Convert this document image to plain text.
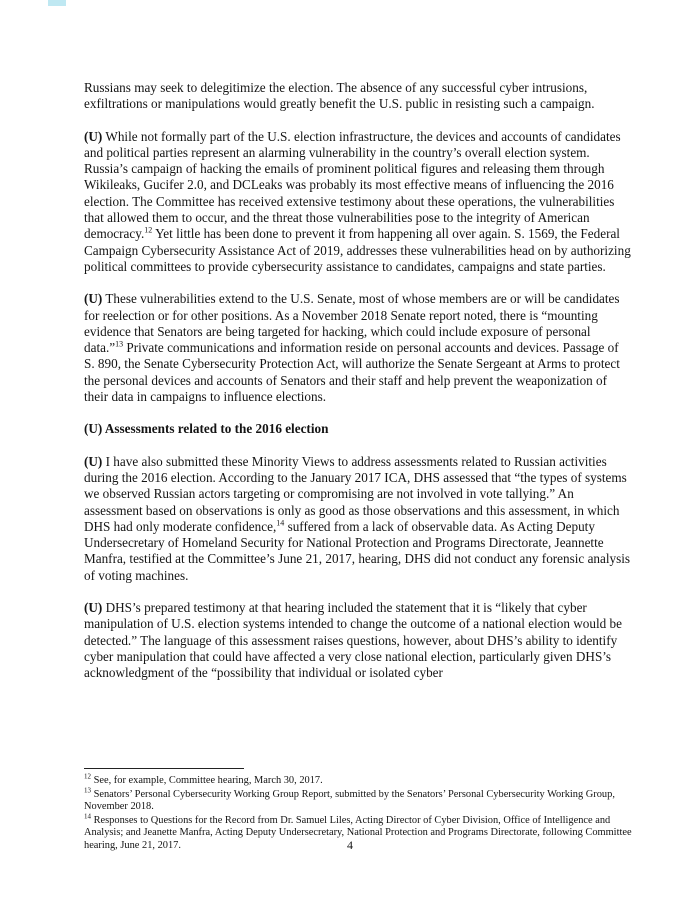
Russians may seek to delegitimize the election. The absence of any successful cyber intrusions, exfiltrations or manipulations would greatly benefit the U.S. public in resisting such a campaign.

(U) While not formally part of the U.S. election infrastructure, the devices and accounts of candidates and political parties represent an alarming vulnerability in the country’s overall election system. Russia’s campaign of hacking the emails of prominent political figures and releasing them through Wikileaks, Gucifer 2.0, and DCLeaks was probably its most effective means of influencing the 2016 election. The Committee has received extensive testimony about these operations, the vulnerabilities that allowed them to occur, and the threat those vulnerabilities pose to the integrity of American democracy.$^{12}$ Yet little has been done to prevent it from happening all over again. S. 1569, the Federal Campaign Cybersecurity Assistance Act of 2019, addresses these vulnerabilities head on by authorizing political committees to provide cybersecurity assistance to candidates, campaigns and state parties.

(U) These vulnerabilities extend to the U.S. Senate, most of whose members are or will be candidates for reelection or for other positions. As a November 2018 Senate report noted, there is “mounting evidence that Senators are being targeted for hacking, which could include exposure of personal data.”$^{13}$ Private communications and information reside on personal accounts and devices. Passage of S. 890, the Senate Cybersecurity Protection Act, will authorize the Senate Sergeant at Arms to protect the personal devices and accounts of Senators and their staff and help prevent the weaponization of their data in campaigns to influence elections.

(U) Assessments related to the 2016 election

(U) I have also submitted these Minority Views to address assessments related to Russian activities during the 2016 election. According to the January 2017 ICA, DHS assessed that “the types of systems we observed Russian actors targeting or compromising are not involved in vote tallying.” An assessment based on observations is only as good as those observations and this assessment, in which DHS had only moderate confidence,$^{14}$ suffered from a lack of observable data. As Acting Deputy Undersecretary of Homeland Security for National Protection and Programs Directorate, Jeannette Manfra, testified at the Committee’s June 21, 2017, hearing, DHS did not conduct any forensic analysis of voting machines.

(U) DHS’s prepared testimony at that hearing included the statement that it is “likely that cyber manipulation of U.S. election systems intended to change the outcome of a national election would be detected.” The language of this assessment raises questions, however, about DHS’s ability to identify cyber manipulation that could have affected a very close national election, particularly given DHS’s acknowledgment of the “possibility that individual or isolated cyber

$^{12}$ See, for example, Committee hearing, March 30, 2017.
$^{13}$ Senators’ Personal Cybersecurity Working Group Report, submitted by the Senators’ Personal Cybersecurity Working Group, November 2018.
$^{14}$ Responses to Questions for the Record from Dr. Samuel Liles, Acting Director of Cyber Division, Office of Intelligence and Analysis; and Jeanette Manfra, Acting Deputy Undersecretary, National Protection and Programs Directorate, following Committee hearing, June 21, 2017.	4
